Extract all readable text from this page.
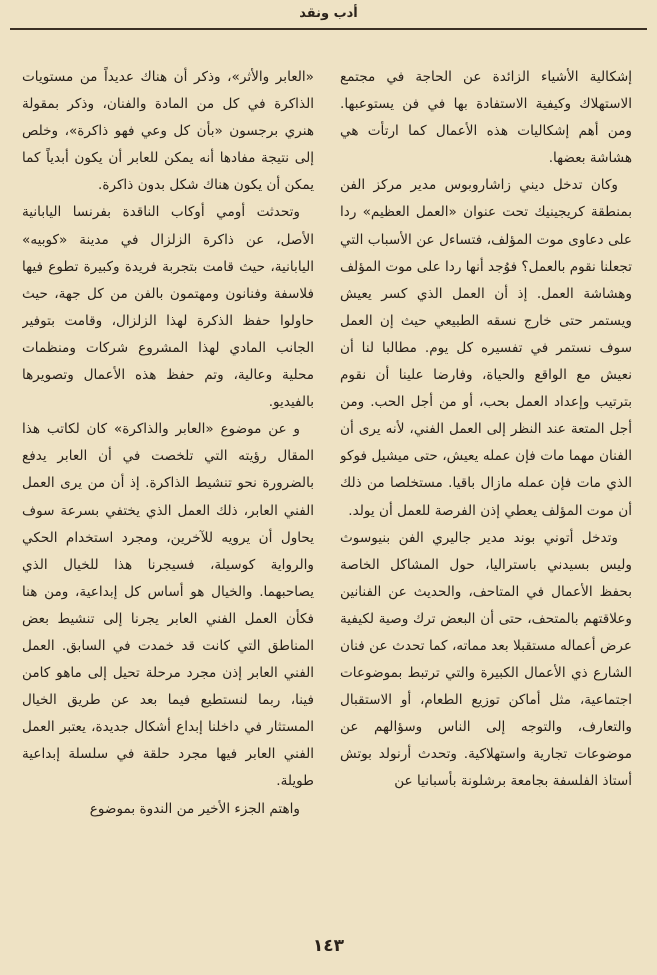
أدب ونقد

إشكالية الأشياء الزائدة عن الحاجة في مجتمع الاستهلاك وكيفية الاستفادة بها في فن يستوعبها. ومن أهم إشكاليات هذه الأعمال كما ارتأت هي هشاشة بعضها.

وكان تدخل ديني زاشاروبوس مدير مركز الفن بمنطقة كريجينيك تحت عنوان «العمل العظيم» ردا على دعاوى موت المؤلف، فتساءل عن الأسباب التي تجعلنا نقوم بالعمل؟ فوُجد أنها ردا على موت المؤلف وهشاشة العمل. إذ أن العمل الذي كسر يعيش ويستمر حتى خارج نسقه الطبيعي حيث إن العمل سوف نستمر في تفسيره كل يوم. مطالبا لنا أن نعيش مع الواقع والحياة، وفارضا علينا أن نقوم بترتيب وإعداد العمل بحب، أو من أجل الحب. ومن أجل المتعة عند النظر إلى العمل الفني، لأنه يرى أن الفنان مهما مات فإن عمله يعيش، حتى ميشيل فوكو الذي مات فإن عمله مازال باقيا. مستخلصا من ذلك أن موت المؤلف يعطي إذن الفرصة للعمل أن يولد.

وتدخل أتوني بوند مدير جاليري الفن بنيوسوث وليس بسيدني باستراليا، حول المشاكل الخاصة بحفظ الأعمال في المتاحف، والحديث عن الفنانين وعلاقتهم بالمتحف، حتى أن البعض ترك وصية لكيفية عرض أعماله مستقبلا بعد مماته، كما تحدث عن فنان الشارع ذي الأعمال الكبيرة والتي ترتبط بموضوعات اجتماعية، مثل أماكن توزيع الطعام، أو الاستقبال والتعارف، والتوجه إلى الناس وسؤالهم عن موضوعات تجارية واستهلاكية. وتحدث أرنولد بوتش أستاذ الفلسفة بجامعة برشلونة بأسبانيا عن

«العابر والأثر»، وذكر أن هناك عديداً من مستويات الذاكرة في كل من المادة والفنان، وذكر بمقولة هنري برجسون «بأن كل وعي فهو ذاكرة»، وخلص إلى نتيجة مفادها أنه يمكن للعابر أن يكون أبدياً كما يمكن أن يكون هناك شكل بدون ذاكرة.

وتحدثت أومي أوكاب الناقدة بفرنسا اليابانية الأصل، عن ذاكرة الزلزال في مدينة «كوبيه» اليابانية، حيث قامت بتجربة فريدة وكبيرة تطوع فيها فلاسفة وفنانون ومهتمون بالفن من كل جهة، حيث حاولوا حفظ الذكرة لهذا الزلزال، وقامت بتوفير الجانب المادي لهذا المشروع شركات ومنظمات محلية وعالية، وتم حفظ هذه الأعمال وتصويرها بالفيديو.

و عن موضوع «العابر والذاكرة» كان لكاتب هذا المقال رؤيته التي تلخصت في أن العابر يدفع بالضرورة نحو تنشيط الذاكرة. إذ أن من يرى العمل الفني العابر، ذلك العمل الذي يختفي بسرعة سوف يحاول أن يرويه للآخرين، ومجرد استخدام الحكي والرواية كوسيلة، فسيجرنا هذا للخيال الذي يصاحبهما. والخيال هو أساس كل إبداعية، ومن هنا فكأن العمل الفني العابر يجرنا إلى تنشيط بعض المناطق التي كانت قد خمدت في السابق. العمل الفني العابر إذن مجرد مرحلة تحيل إلى ماهو كامن فينا، ربما لنستطيع فيما بعد عن طريق الخيال المستثار في داخلنا إبداع أشكال جديدة، يعتبر العمل الفني العابر فيها مجرد حلقة في سلسلة إبداعية طويلة.

واهتم الجزء الأخير من الندوة بموضوع

١٤٣
